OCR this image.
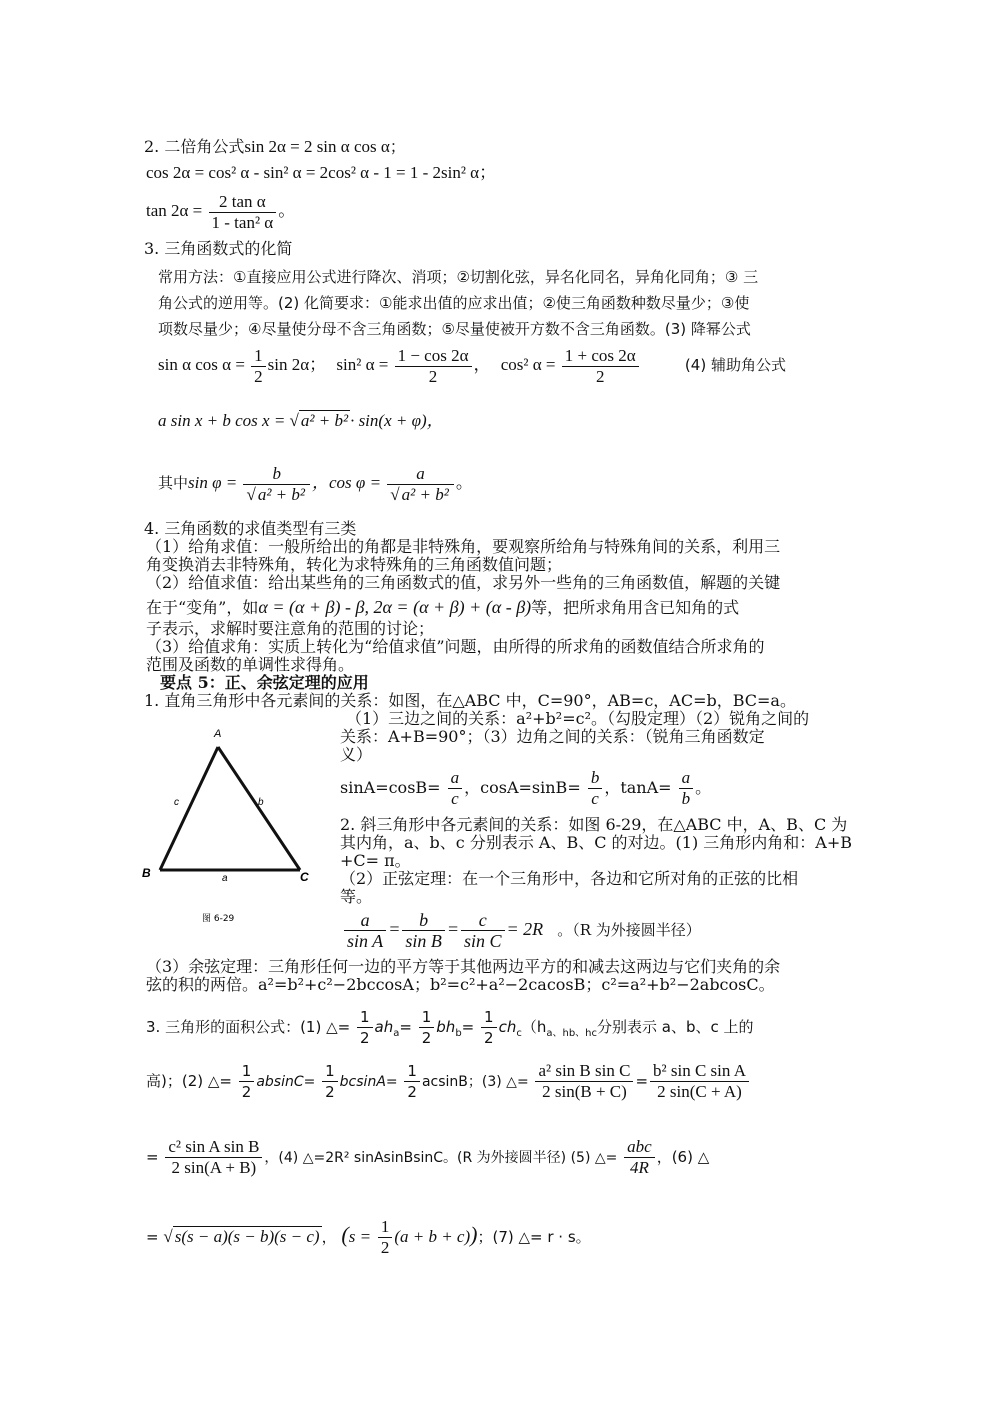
2. 二倍角公式sin 2α = 2 sin α cos α；
cos 2α = cos² α - sin² α = 2cos² α - 1 = 1 - 2sin² α；
$\tan 2\alpha = \frac{\text{2 tan α}}{\text{1 - tan² α}}$ 。
3. 三角函数式的化简
常用方法：①直接应用公式进行降次、消项；②切割化弦，异名化同名，异角化同角；③ 三
角公式的逆用等。(2) 化简要求：①能求出值的应求出值；②使三角函数种数尽量少；③使
项数尽量少；④尽量使分母不含三角函数；⑤尽量使被开方数不含三角函数。(3) 降幂公式
sin α $\cos \alpha = \frac{1}{2}$ sin 2α； sin² $\alpha = \frac{1 - \cos 2\alpha}{2}$ ， cos² $\alpha = \frac{1 + \cos 2\alpha}{2}$	(4) 辅助角公式
a sin x + b cos x = √ a² + b² · sin(x + φ)，
其中$\sin \varphi = \frac{b}{\text{√ a² + b²}}$ ，$\cos \varphi = \frac{a}{\text{√ a² + b²}}$ 。
4. 三角函数的求值类型有三类
（1）给角求值：一般所给出的角都是非特殊角，要观察所给角与特殊角间的关系，利用三
角变换消去非特殊角，转化为求特殊角的三角函数值问题；
（2）给值求值：给出某些角的三角函数式的值，求另外一些角的三角函数值，解题的关键
在于“变角”，如α = (α + β) - β, 2α = (α + β) + (α - β)等，把所求角用含已知角的式
子表示，求解时要注意角的范围的讨论；
（3）给值求角：实质上转化为“给值求值”问题，由所得的所求角的函数值结合所求角的
范围及函数的单调性求得角。
要点 5：正、余弦定理的应用
1. 直角三角形中各元素间的关系：如图，在△ABC 中，C=90°，AB=c，AC=b，BC=a。
（1）三边之间的关系：a²+b²=c²。（勾股定理）（2）锐角之间的
关系：A+B=90°；（3）边角之间的关系：（锐角三角函数定
义）
$\sin A=\cos B= \frac{a}{c}$ ，$\cos A=\sin B= \frac{b}{c}$ ，$\tan A= \frac{a}{b}$ 。
2. 斜三角形中各元素间的关系：如图 6-29，在△ABC 中，A、B、C 为
其内角，a、b、c 分别表示 A、B、C 的对边。(1) 三角形内角和：A+B
+C= π。
（2）正弦定理：在一个三角形中，各边和它所对角的正弦的比相
等。
$\frac{a}{\text{sin A}} = \frac{b}{\text{sin B}} = \frac{c}{\text{sin C}} = 2R$ 。（R 为外接圆半径）
（3）余弦定理：三角形任何一边的平方等于其他两边平方的和减去这两边与它们夹角的余
弦的积的两倍。a²=b²+c²−2bccosA；b²=c²+a²−2cacosB；c²=a²+b²−2abcosC。
A
B	C
c	b
a
图 6-29
3. 三角形的面积公式：(1) △= $\frac{1}{2} ah_a= \frac{1}{2} bh_b= \frac{1}{2} ch_c(h_{a、hb、hc}$分别表示 a、b、c 上的
高)；(2) △= $\frac{1}{2} absinC= \frac{1}{2} bcsinA= \frac{1}{2}$ acsinB；(3) △= $\frac{\text{a² sin B sin C}}{2 \sin(B + C)} = \frac{\text{b² sin C sin A}}{2 \sin(C + A)}$
= $\frac{\text{c² sin A sin B}}{2 \sin(A + B)}$ ，(4) △=2R² sinAsinBsinC。(R 为外接圆半径) (5) △= $\frac{\text{abc}}{4R}$ ，(6) △
= √ s(s − a)(s − b)(s − c) ， $(s = \frac{1}{2} (a + b + c))$；(7) △= r · s。
